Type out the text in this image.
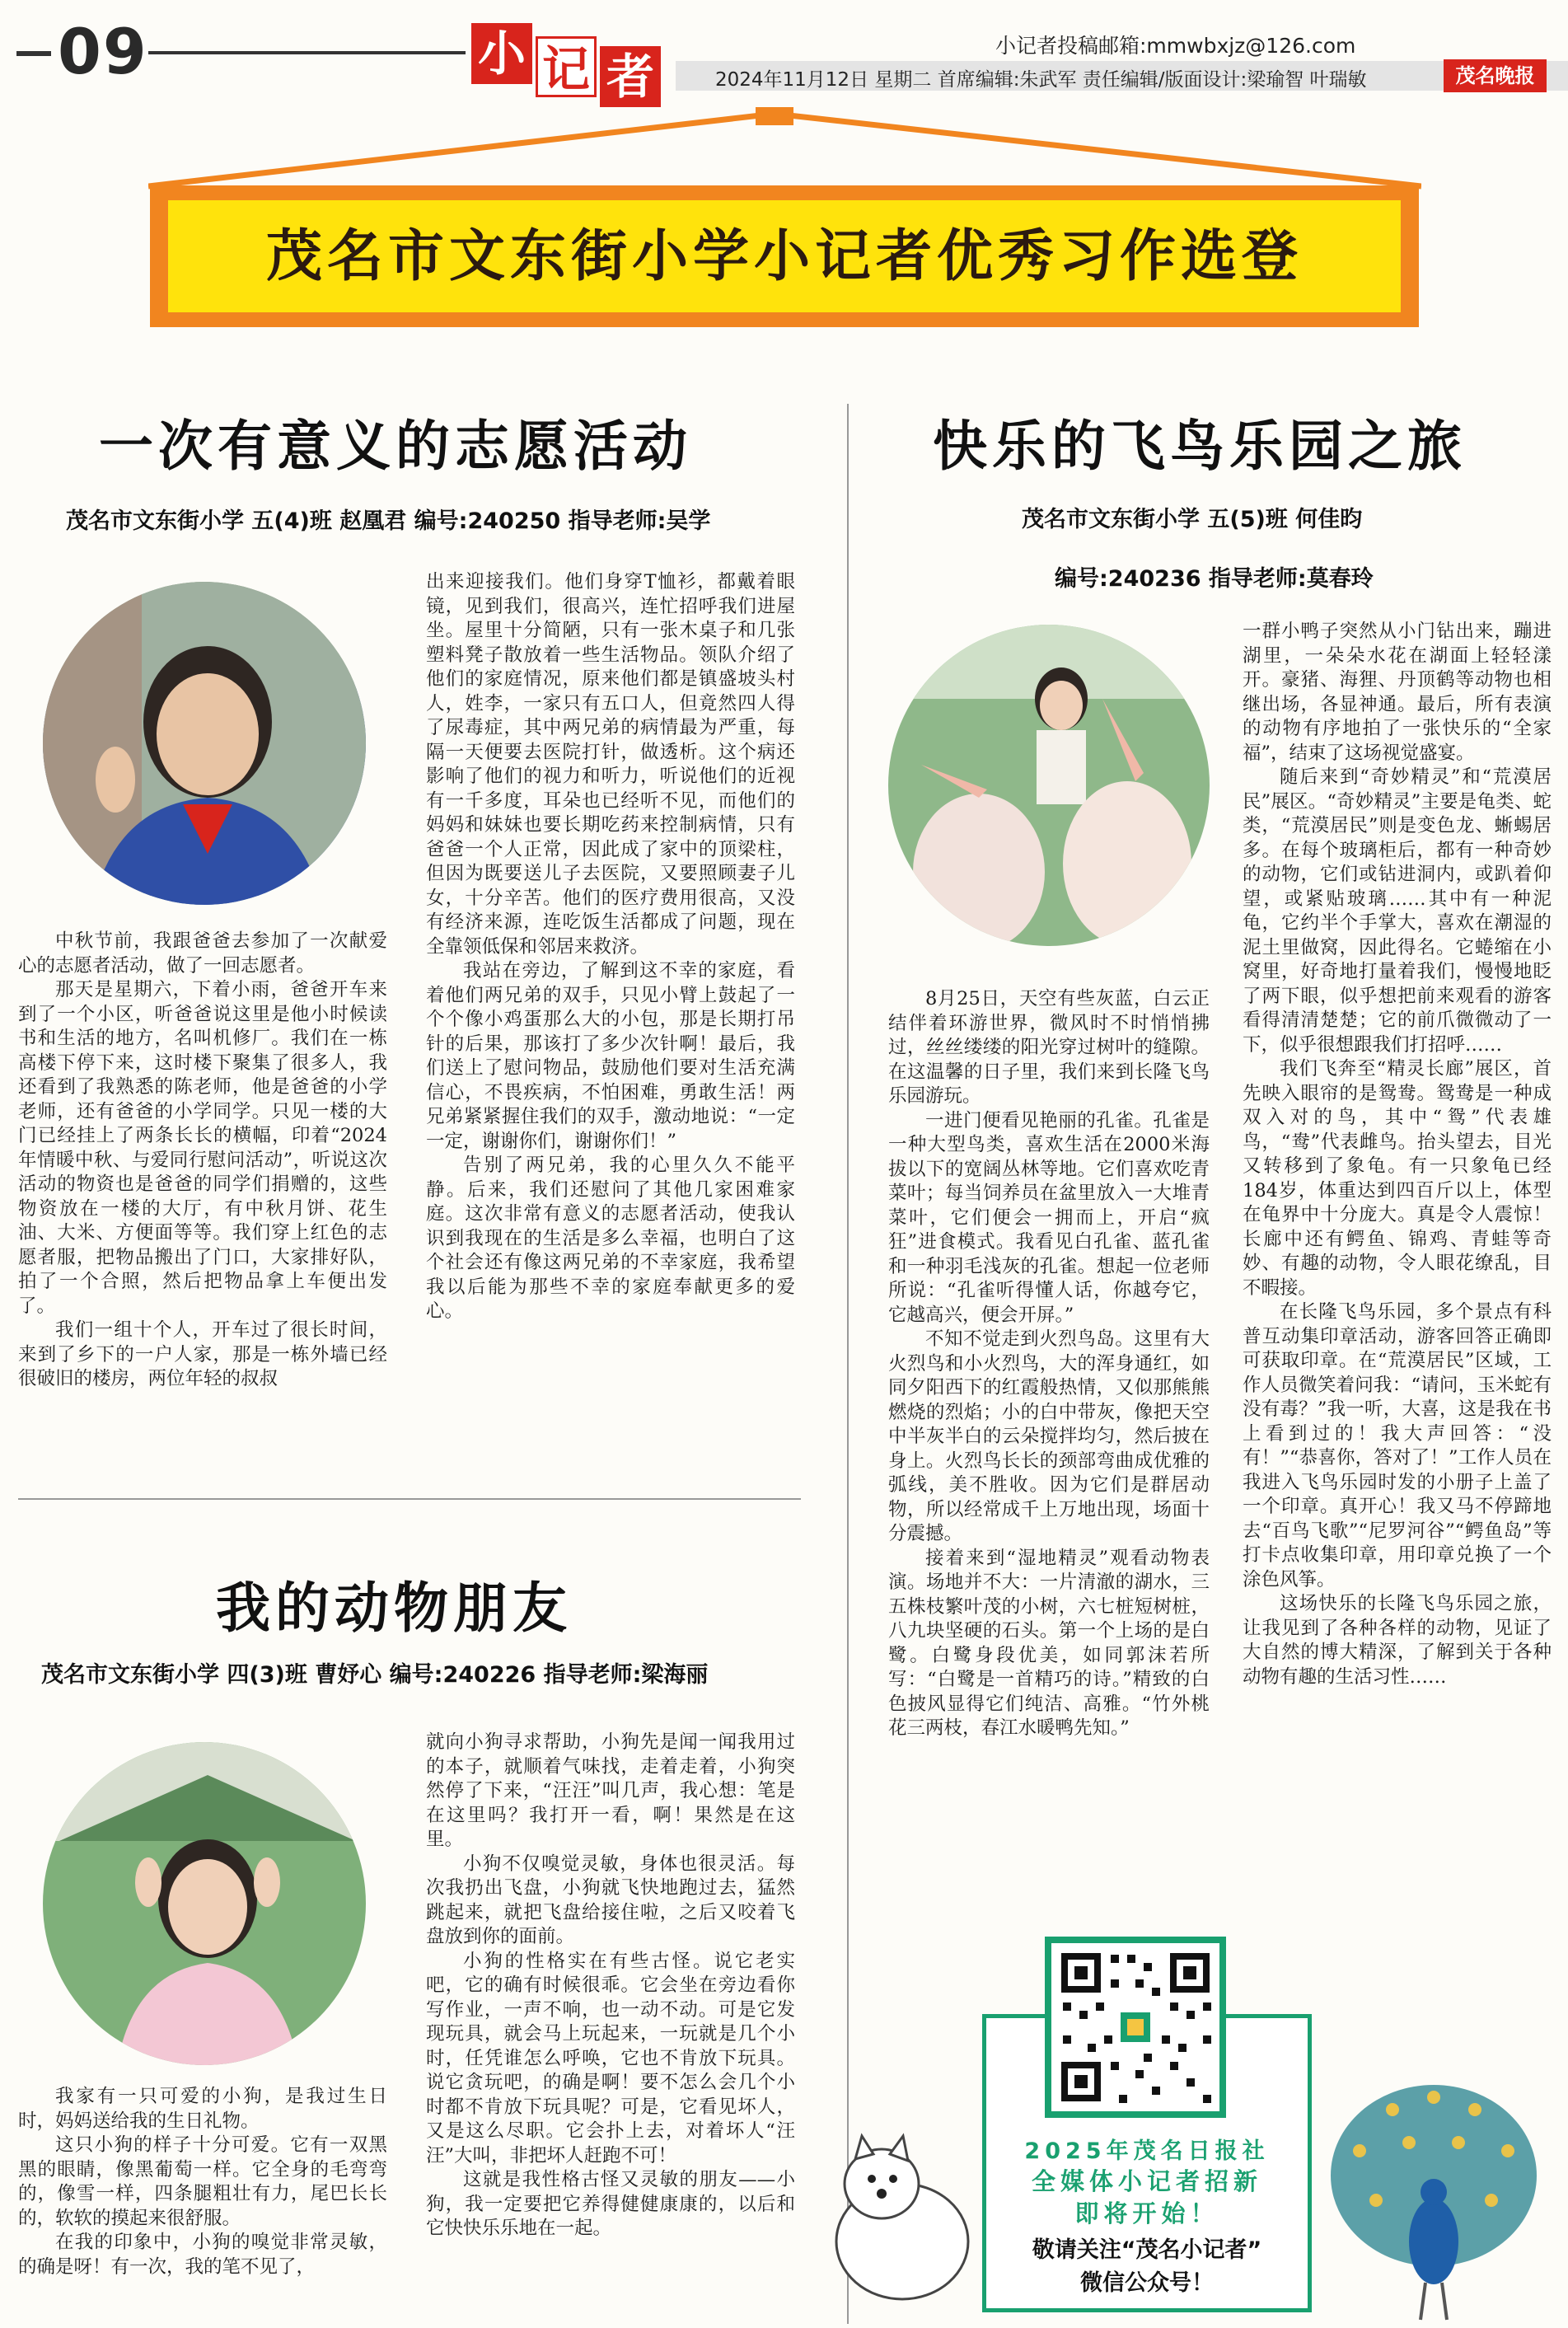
09	小 记 者
小记者投稿邮箱:mmwbxjz@126.com
2024年11月12日 星期二 首席编辑:朱武军 责任编辑/版面设计:梁瑜智 叶瑞敏	茂名晚报
茂名市文东街小学小记者优秀习作选登
一次有意义的志愿活动
茂名市文东街小学 五(4)班 赵凰君 编号:240250 指导老师:吴学

中秋节前，我跟爸爸去参加了一次献爱心的志愿者活动，做了一回志愿者。

那天是星期六，下着小雨，爸爸开车来到了一个小区，听爸爸说这里是他小时候读书和生活的地方，名叫机修厂。我们在一栋高楼下停下来，这时楼下聚集了很多人，我还看到了我熟悉的陈老师，他是爸爸的小学老师，还有爸爸的小学同学。只见一楼的大门已经挂上了两条长长的横幅，印着“2024年情暖中秋、与爱同行慰问活动”，听说这次活动的物资也是爸爸的同学们捐赠的，这些物资放在一楼的大厅，有中秋月饼、花生油、大米、方便面等等。我们穿上红色的志愿者服，把物品搬出了门口，大家排好队，拍了一个合照，然后把物品拿上车便出发了。

我们一组十个人，开车过了很长时间，来到了乡下的一户人家，那是一栋外墙已经很破旧的楼房，两位年轻的叔叔

出来迎接我们。他们身穿T恤衫，都戴着眼镜，见到我们，很高兴，连忙招呼我们进屋坐。屋里十分简陋，只有一张木桌子和几张塑料凳子散放着一些生活物品。领队介绍了他们的家庭情况，原来他们都是镇盛坡头村人，姓李，一家只有五口人，但竟然四人得了尿毒症，其中两兄弟的病情最为严重，每隔一天便要去医院打针，做透析。这个病还影响了他们的视力和听力，听说他们的近视有一千多度，耳朵也已经听不见，而他们的妈妈和妹妹也要长期吃药来控制病情，只有爸爸一个人正常，因此成了家中的顶梁柱，但因为既要送儿子去医院，又要照顾妻子儿女，十分辛苦。他们的医疗费用很高，又没有经济来源，连吃饭生活都成了问题，现在全靠领低保和邻居来救济。

我站在旁边，了解到这不幸的家庭，看着他们两兄弟的双手，只见小臂上鼓起了一个个像小鸡蛋那么大的小包，那是长期打吊针的后果，那该打了多少次针啊！最后，我们送上了慰问物品，鼓励他们要对生活充满信心，不畏疾病，不怕困难，勇敢生活！两兄弟紧紧握住我们的双手，激动地说：“一定一定，谢谢你们，谢谢你们！”

告别了两兄弟，我的心里久久不能平静。后来，我们还慰问了其他几家困难家庭。这次非常有意义的志愿者活动，使我认识到我现在的生活是多么幸福，也明白了这个社会还有像这两兄弟的不幸家庭，我希望我以后能为那些不幸的家庭奉献更多的爱心。

我的动物朋友
茂名市文东街小学 四(3)班 曹妤心 编号:240226 指导老师:梁海丽

我家有一只可爱的小狗，是我过生日时，妈妈送给我的生日礼物。

这只小狗的样子十分可爱。它有一双黑黑的眼睛，像黑葡萄一样。它全身的毛弯弯的，像雪一样，四条腿粗壮有力，尾巴长长的，软软的摸起来很舒服。

在我的印象中，小狗的嗅觉非常灵敏，的确是呀！有一次，我的笔不见了，

就向小狗寻求帮助，小狗先是闻一闻我用过的本子，就顺着气味找，走着走着，小狗突然停了下来，“汪汪”叫几声，我心想：笔是在这里吗？我打开一看，啊！果然是在这里。

小狗不仅嗅觉灵敏，身体也很灵活。每次我扔出飞盘，小狗就飞快地跑过去，猛然跳起来，就把飞盘给接住啦，之后又咬着飞盘放到你的面前。

小狗的性格实在有些古怪。说它老实吧，它的确有时候很乖。它会坐在旁边看你写作业，一声不响，也一动不动。可是它发现玩具，就会马上玩起来，一玩就是几个小时，任凭谁怎么呼唤，它也不肯放下玩具。说它贪玩吧，的确是啊！要不怎么会几个小时都不肯放下玩具呢？可是，它看见坏人，又是这么尽职。它会扑上去，对着坏人“汪汪”大叫，非把坏人赶跑不可！

这就是我性格古怪又灵敏的朋友——小狗，我一定要把它养得健健康康的，以后和它快快乐乐地在一起。

快乐的飞鸟乐园之旅
茂名市文东街小学 五(5)班 何佳昀
编号:240236 指导老师:莫春玲

8月25日，天空有些灰蓝，白云正结伴着环游世界，微风时不时悄悄拂过，丝丝缕缕的阳光穿过树叶的缝隙。在这温馨的日子里，我们来到长隆飞鸟乐园游玩。

一进门便看见艳丽的孔雀。孔雀是一种大型鸟类，喜欢生活在2000米海拔以下的宽阔丛林等地。它们喜欢吃青菜叶；每当饲养员在盆里放入一大堆青菜叶，它们便会一拥而上，开启“疯狂”进食模式。我看见白孔雀、蓝孔雀和一种羽毛浅灰的孔雀。想起一位老师所说：“孔雀听得懂人话，你越夸它，它越高兴，便会开屏。”

不知不觉走到火烈鸟岛。这里有大火烈鸟和小火烈鸟，大的浑身通红，如同夕阳西下的红霞般热情，又似那熊熊燃烧的烈焰；小的白中带灰，像把天空中半灰半白的云朵搅拌均匀，然后披在身上。火烈鸟长长的颈部弯曲成优雅的弧线，美不胜收。因为它们是群居动物，所以经常成千上万地出现，场面十分震撼。

接着来到“湿地精灵”观看动物表演。场地并不大：一片清澈的湖水，三五株枝繁叶茂的小树，六七桩短树桩，八九块坚硬的石头。第一个上场的是白鹭。白鹭身段优美，如同郭沫若所写：“白鹭是一首精巧的诗。”精致的白色披风显得它们纯洁、高雅。“竹外桃花三两枝，春江水暖鸭先知。”

一群小鸭子突然从小门钻出来，蹦进湖里，一朵朵水花在湖面上轻轻漾开。豪猪、海狸、丹顶鹤等动物也相继出场，各显神通。最后，所有表演的动物有序地拍了一张快乐的“全家福”，结束了这场视觉盛宴。

随后来到“奇妙精灵”和“荒漠居民”展区。“奇妙精灵”主要是龟类、蛇类，“荒漠居民”则是变色龙、蜥蜴居多。在每个玻璃柜后，都有一种奇妙的动物，它们或钻进洞内，或趴着仰望，或紧贴玻璃……其中有一种泥龟，它约半个手掌大，喜欢在潮湿的泥土里做窝，因此得名。它蜷缩在小窝里，好奇地打量着我们，慢慢地眨了两下眼，似乎想把前来观看的游客看得清清楚楚；它的前爪微微动了一下，似乎很想跟我们打招呼……

我们飞奔至“精灵长廊”展区，首先映入眼帘的是鸳鸯。鸳鸯是一种成双入对的鸟，其中“鸳”代表雄鸟，“鸯”代表雌鸟。抬头望去，目光又转移到了象龟。有一只象龟已经184岁，体重达到四百斤以上，体型在龟界中十分庞大。真是令人震惊！长廊中还有鳄鱼、锦鸡、青蛙等奇妙、有趣的动物，令人眼花缭乱，目不暇接。

在长隆飞鸟乐园，多个景点有科普互动集印章活动，游客回答正确即可获取印章。在“荒漠居民”区域，工作人员微笑着问我：“请问，玉米蛇有没有毒？”我一听，大喜，这是我在书上看到过的！我大声回答：“没有！”“恭喜你，答对了！”工作人员在我进入飞鸟乐园时发的小册子上盖了一个印章。真开心！我又马不停蹄地去“百鸟飞歌”“尼罗河谷”“鳄鱼岛”等打卡点收集印章，用印章兑换了一个涂色风筝。

这场快乐的长隆飞鸟乐园之旅，让我见到了各种各样的动物，见证了大自然的博大精深，了解到关于各种动物有趣的生活习性……

2025年茂名日报社
全媒体小记者招新
即将开始！
敬请关注“茂名小记者”
微信公众号！
